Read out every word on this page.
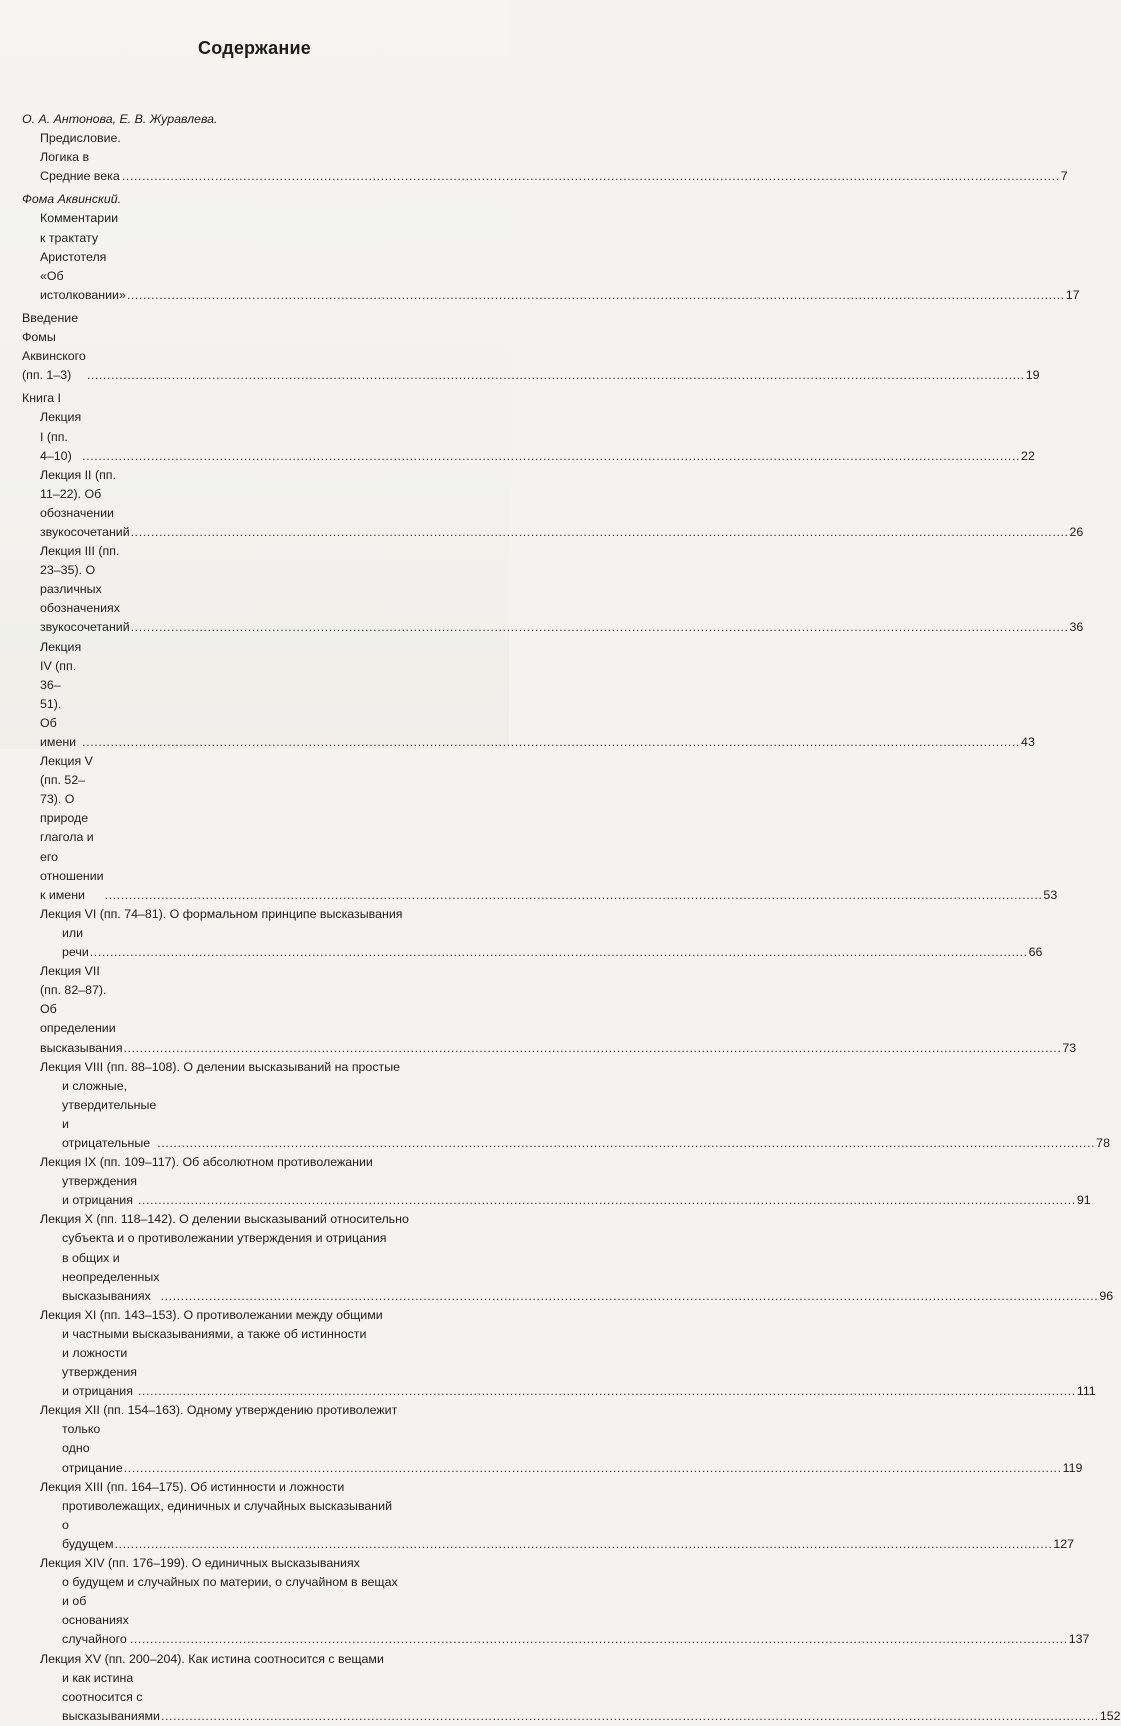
Содержание
О. А. Антонова, Е. В. Журавлева.
Предисловие. Логика в Средние века .....	7
Фома Аквинский.
Комментарии к трактату Аристотеля «Об истолковании» .....	17
Введение Фомы Аквинского (пп. 1–3) .....	19
Книга I
Лекция I (пп. 4–10) .....	22
Лекция II (пп. 11–22). Об обозначении звукосочетаний .....	26
Лекция III (пп. 23–35). О различных обозначениях звукосочетаний .....	36
Лекция IV (пп. 36–51). Об имени .....	43
Лекция V (пп. 52–73). О природе глагола и его отношении к имени .....	53
Лекция VI (пп. 74–81). О формальном принципе высказывания
или речи .....	66
Лекция VII (пп. 82–87). Об определении высказывания .....	73
Лекция VIII (пп. 88–108). О делении высказываний на простые
и сложные, утвердительные и отрицательные .....	78
Лекция IX (пп. 109–117). Об абсолютном противолежании
утверждения и отрицания .....	91
Лекция X (пп. 118–142). О делении высказываний относительно
субъекта и о противолежании утверждения и отрицания
в общих и неопределенных высказываниях .....	96
Лекция XI (пп. 143–153). О противолежании между общими
и частными высказываниями, а также об истинности
и ложности утверждения и отрицания .....	111
Лекция XII (пп. 154–163). Одному утверждению противолежит
только одно отрицание .....	119
Лекция XIII (пп. 164–175). Об истинности и ложности
противолежащих, единичных и случайных высказываний
о будущем .....	127
Лекция XIV (пп. 176–199). О единичных высказываниях
о будущем и случайных по материи, о случайном в вещах
и об основаниях случайного .....	137
Лекция XV (пп. 200–204). Как истина соотносится с вещами
и как истина соотносится с высказываниями .....	152
